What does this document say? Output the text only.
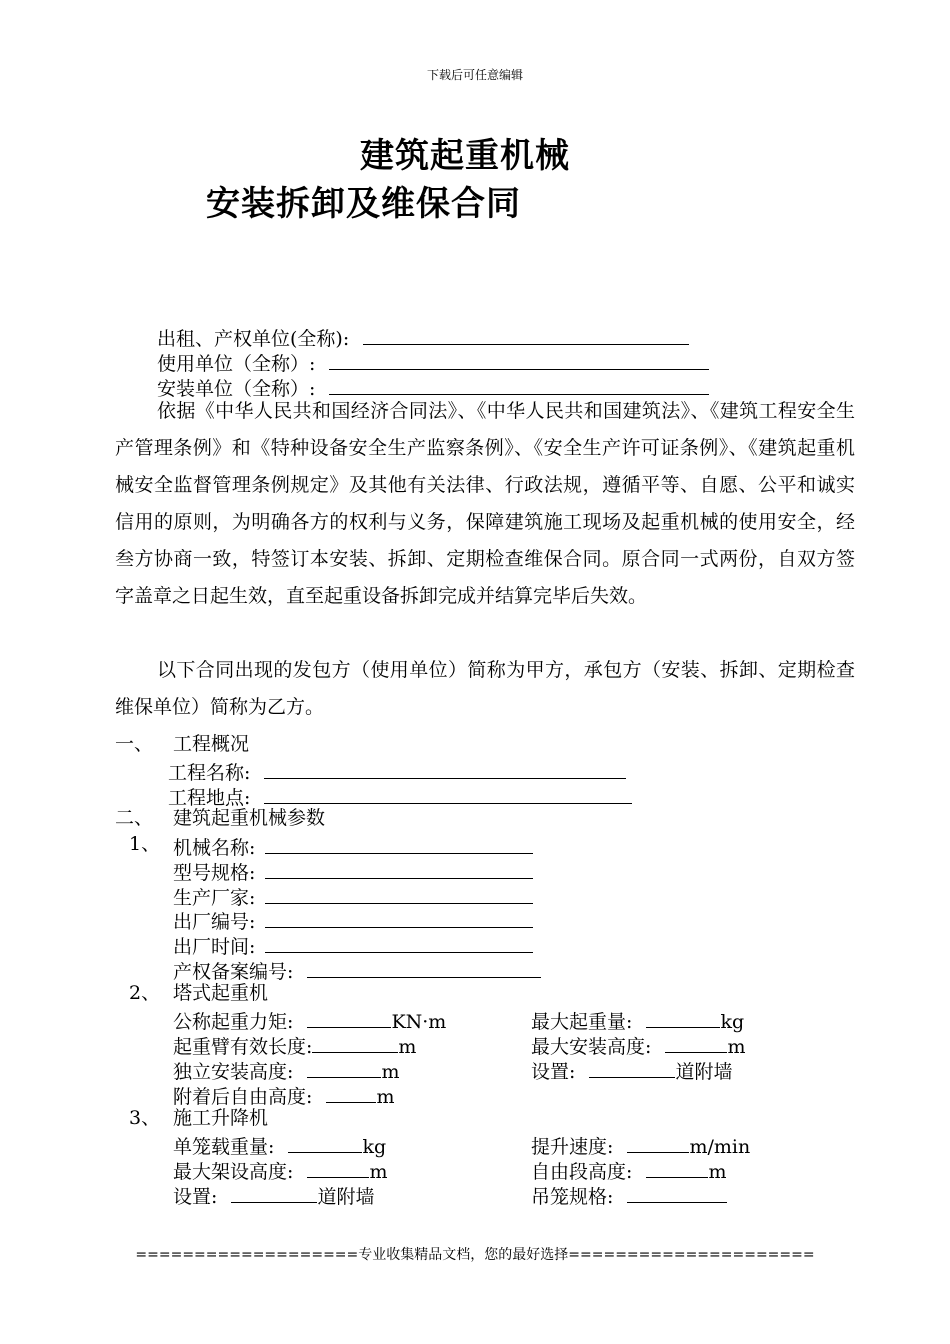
下载后可任意编辑
建筑起重机械
安装拆卸及维保合同
出租、产权单位(全称):
使用单位（全称）:
安装单位（全称）:
依据《中华人民共和国经济合同法》、《中华人民共和国建筑法》、《建筑工程安全生产管理条例》和《特种设备安全生产监察条例》、《安全生产许可证条例》、《建筑起重机械安全监督管理条例规定》及其他有关法律、行政法规，遵循平等、自愿、公平和诚实信用的原则，为明确各方的权利与义务，保障建筑施工现场及起重机械的使用安全，经叁方协商一致，特签订本安装、拆卸、定期检查维保合同。原合同一式两份，自双方签字盖章之日起生效，直至起重设备拆卸完成并结算完毕后失效。
以下合同出现的发包方（使用单位）简称为甲方，承包方（安装、拆卸、定期检查维保单位）简称为乙方。
一、 工程概况
工程名称:
工程地点:
二、 建筑起重机械参数
1、 机械名称:
型号规格:
生产厂家:
出厂编号:
出厂时间:
产权备案编号:
2、 塔式起重机
公称起重力矩:	KN·m	最大起重量:	kg
起重臂有效长度:	m	最大安装高度:	m
独立安装高度:	m	设置:	道附墙
附着后自由高度:	m
3、 施工升降机
单笼载重量:	kg	提升速度:	m/min
最大架设高度:	m	自由段高度:	m
设置:	道附墙	吊笼规格:
===================专业收集精品文档，您的最好选择=====================
